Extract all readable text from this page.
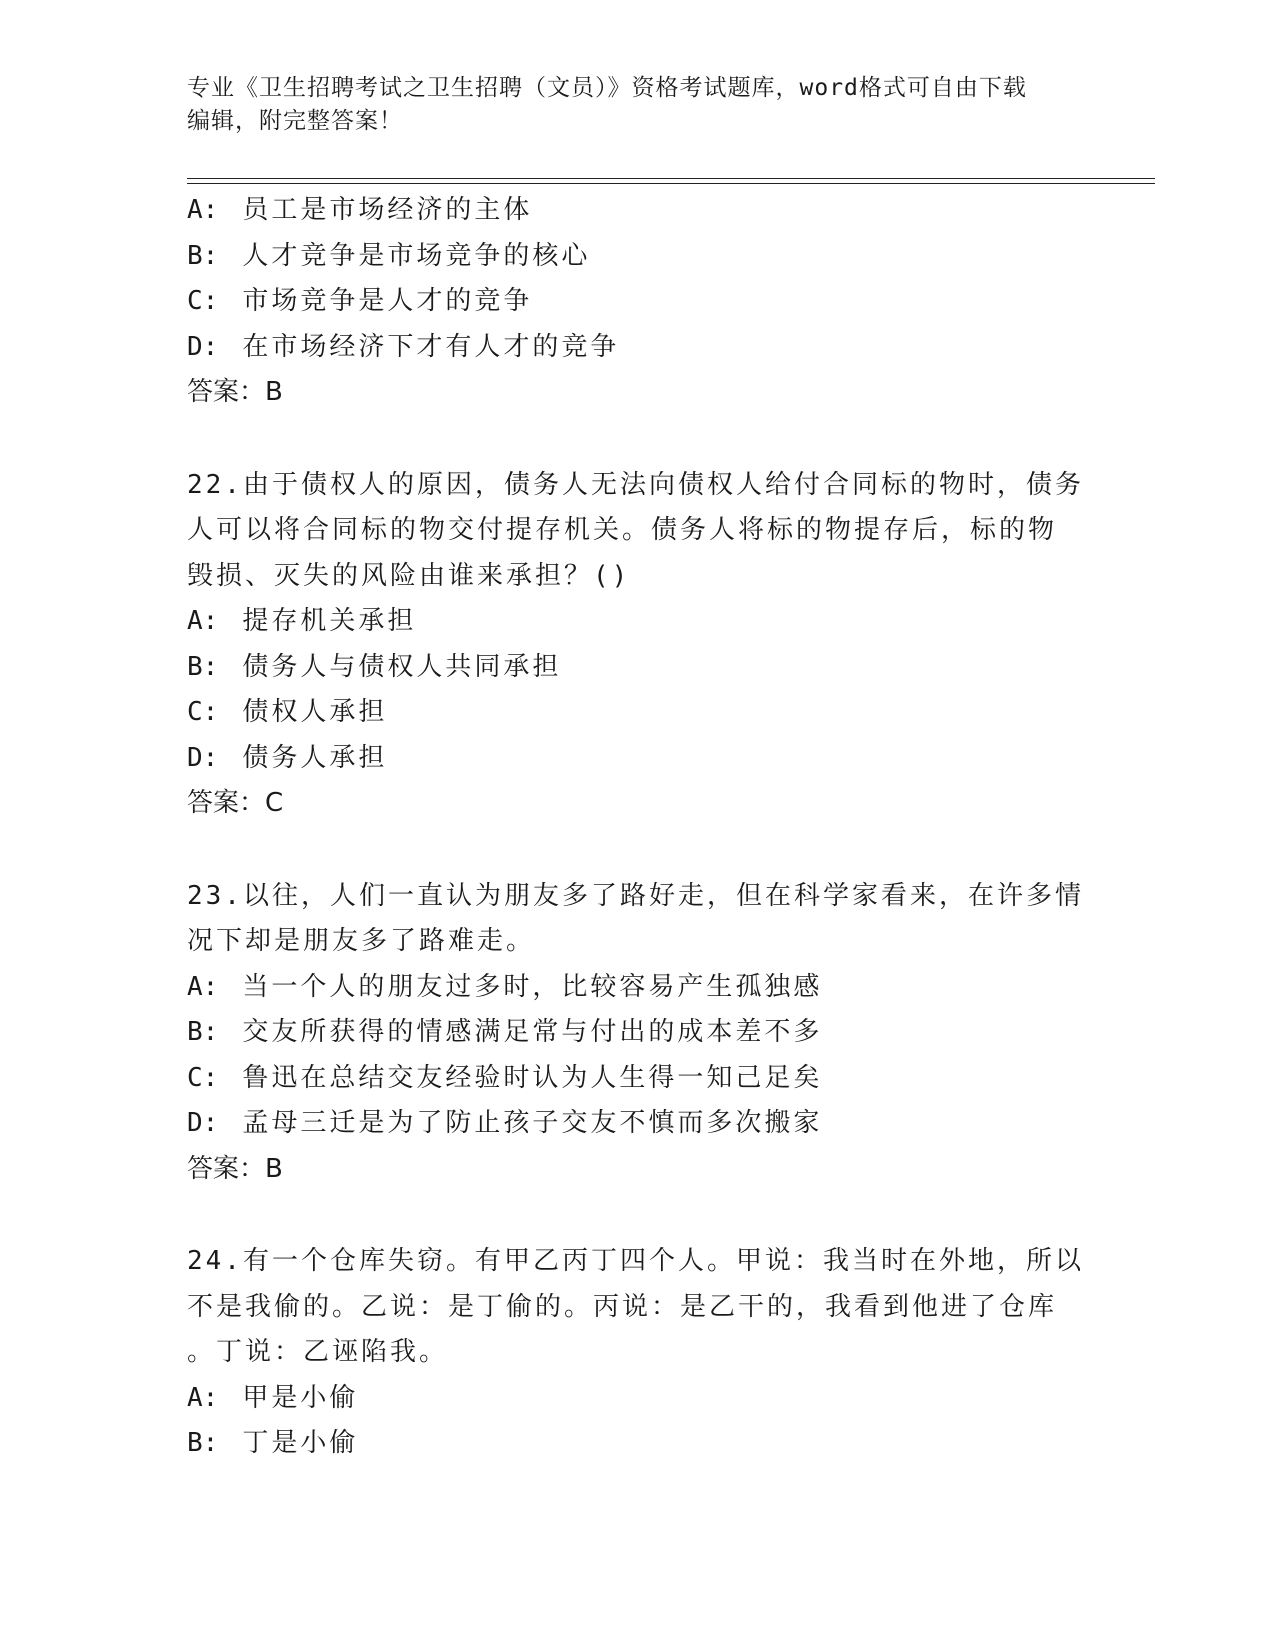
专业《卫生招聘考试之卫生招聘（文员）》资格考试题库，word格式可自由下载
编辑，附完整答案！
A: 员工是市场经济的主体
B: 人才竞争是市场竞争的核心
C: 市场竞争是人才的竞争
D: 在市场经济下才有人才的竞争
答案：B
22.由于债权人的原因，债务人无法向债权人给付合同标的物时，债务
人可以将合同标的物交付提存机关。债务人将标的物提存后，标的物
毁损、灭失的风险由谁来承担？()
A: 提存机关承担
B: 债务人与债权人共同承担
C: 债权人承担
D: 债务人承担
答案：C
23.以往，人们一直认为朋友多了路好走，但在科学家看来，在许多情
况下却是朋友多了路难走。
A: 当一个人的朋友过多时，比较容易产生孤独感
B: 交友所获得的情感满足常与付出的成本差不多
C: 鲁迅在总结交友经验时认为人生得一知己足矣
D: 孟母三迁是为了防止孩子交友不慎而多次搬家
答案：B
24.有一个仓库失窃。有甲乙丙丁四个人。甲说：我当时在外地，所以
不是我偷的。乙说：是丁偷的。丙说：是乙干的，我看到他进了仓库
。丁说：乙诬陷我。
A: 甲是小偷
B: 丁是小偷
